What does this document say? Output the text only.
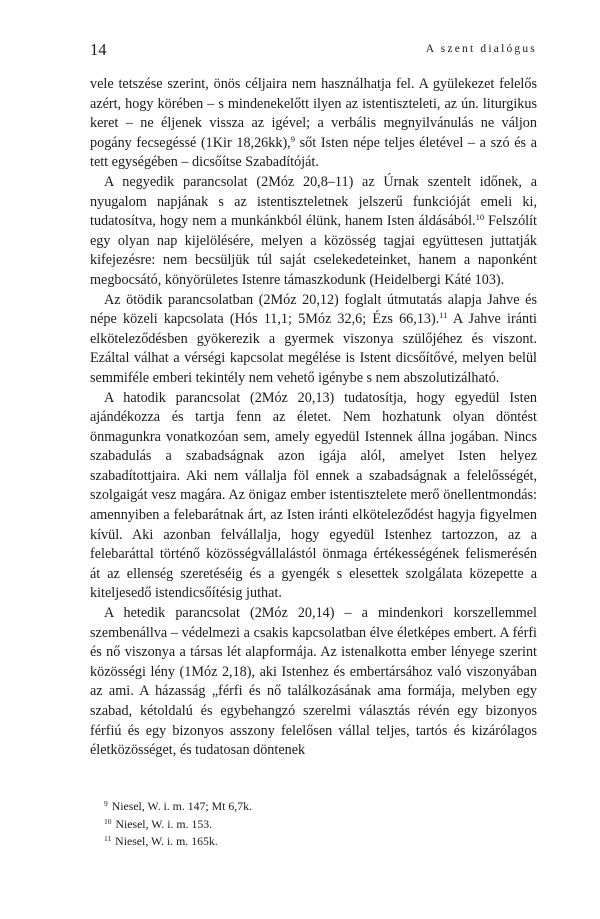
14	A szent dialógus

vele tetszése szerint, önös céljaira nem használhatja fel. A gyülekezet felelős azért, hogy körében – s mindenekelőtt ilyen az istentiszteleti, az ún. liturgikus keret – ne éljenek vissza az igével; a verbális megnyilvánulás ne váljon pogány fecsegéssé (1Kir 18,26kk),$^9$ sőt Isten népe teljes életével – a szó és a tett egységében – dicsőítse Szabadítóját.

A negyedik parancsolat (2Móz 20,8–11) az Úrnak szentelt időnek, a nyugalom napjának s az istentiszteletnek jelszerű funkcióját emeli ki, tudatosítva, hogy nem a munkánkból élünk, hanem Isten áldásából.$^{10}$ Felszólít egy olyan nap kijelölésére, melyen a közösség tagjai együttesen juttatják kifejezésre: nem becsüljük túl saját cselekedeteinket, hanem a naponként megbocsátó, könyörületes Istenre támaszkodunk (Heidelbergi Káté 103).

Az ötödik parancsolatban (2Móz 20,12) foglalt útmutatás alapja Jahve és népe közeli kapcsolata (Hós 11,1; 5Móz 32,6; Ézs 66,13).$^{11}$ A Jahve iránti elköteleződésben gyökerezik a gyermek viszonya szülőjéhez és viszont. Ezáltal válhat a vérségi kapcsolat megélése is Istent dicsőítővé, melyen belül semmiféle emberi tekintély nem vehető igénybe s nem abszolutizálható.

A hatodik parancsolat (2Móz 20,13) tudatosítja, hogy egyedül Isten ajándékozza és tartja fenn az életet. Nem hozhatunk olyan döntést önmagunkra vonatkozóan sem, amely egyedül Istennek állna jogában. Nincs szabadulás a szabadságnak azon igája alól, amelyet Isten helyez szabadítottjaira. Aki nem vállalja föl ennek a szabadságnak a felelősségét, szolgaigát vesz magára. Az önigaz ember istentisztelete merő önellentmondás: amennyiben a felebarátnak árt, az Isten iránti elköteleződést hagyja figyelmen kívül. Aki azonban felvállalja, hogy egyedül Istenhez tartozzon, az a felebaráttal történő közösségvállalástól önmaga értékességének felismerésén át az ellenség szeretéséig és a gyengék s elesettek szolgálata közepette a kiteljesedő istendicsőítésig juthat.

A hetedik parancsolat (2Móz 20,14) – a mindenkori korszellemmel szembenállva – védelmezi a csakis kapcsolatban élve életképes embert. A férfi és nő viszonya a társas lét alapformája. Az istenalkotta ember lényege szerint közösségi lény (1Móz 2,18), aki Istenhez és embertársához való viszonyában az ami. A házasság „férfi és nő találkozásának ama formája, melyben egy szabad, kétoldalú és egybehangzó szerelmi választás révén egy bizonyos férfiú és egy bizonyos asszony felelősen vállal teljes, tartós és kizárólagos életközösséget, és tudatosan döntenek

$^9$ Niesel, W. i. m. 147; Mt 6,7k.
$^{10}$ Niesel, W. i. m. 153.
$^{11}$ Niesel, W. i. m. 165k.
